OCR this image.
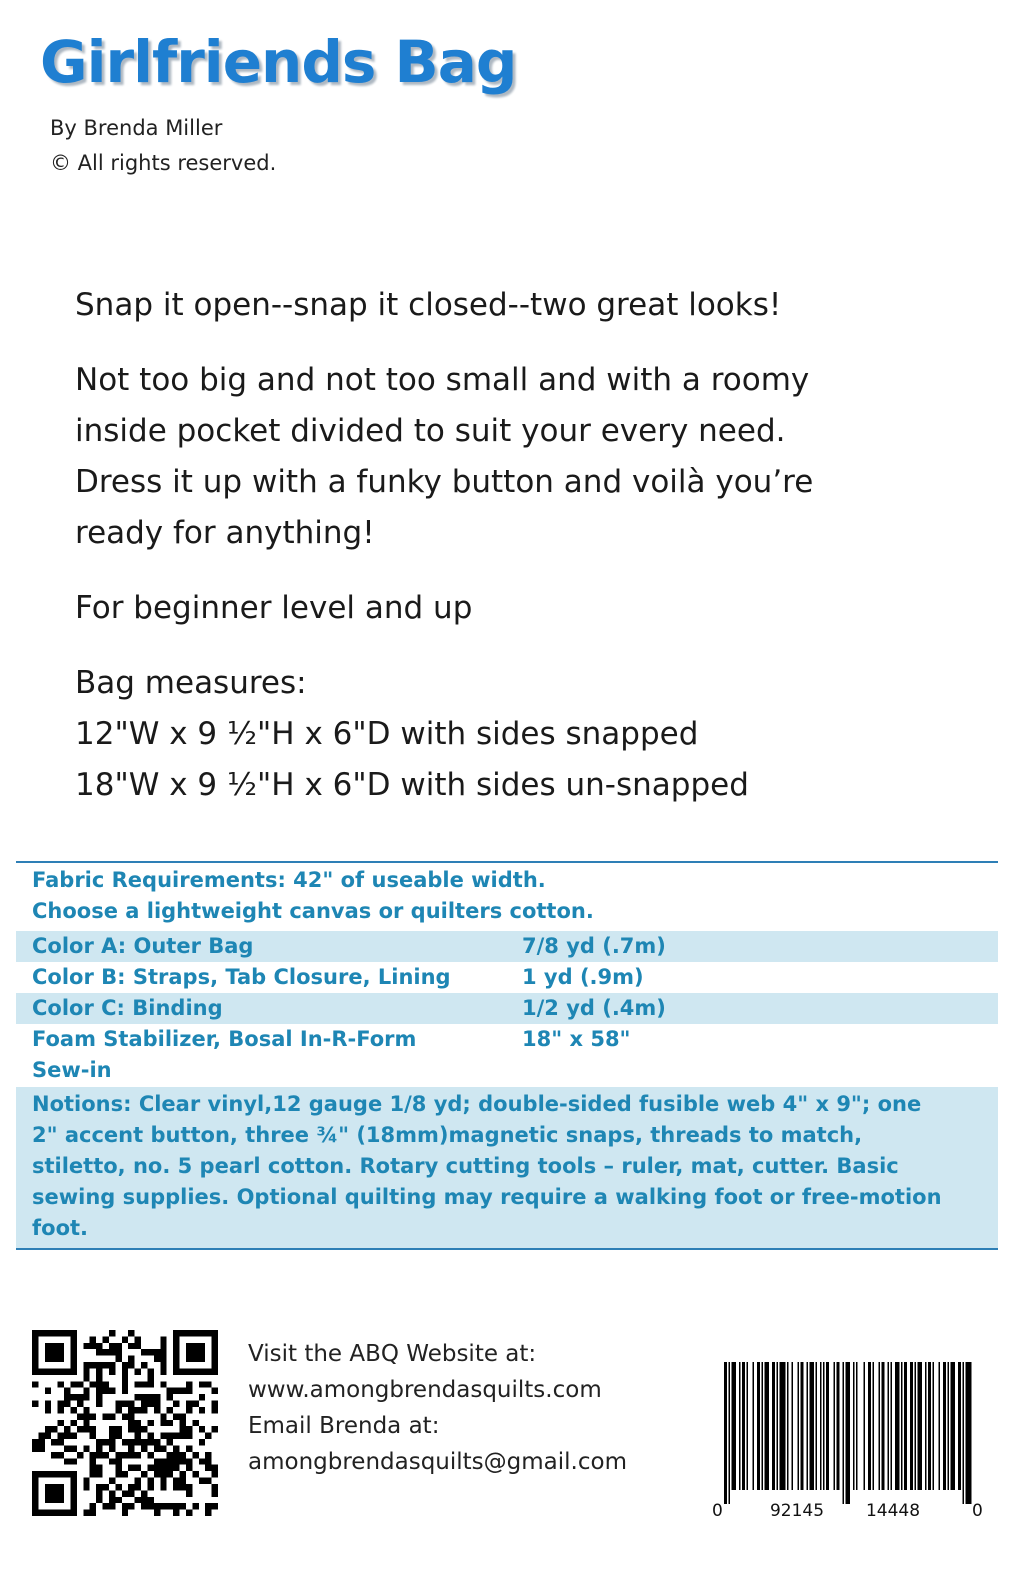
Girlfriends Bag
By Brenda Miller
© All rights reserved.

Snap it open--snap it closed--two great looks!

Not too big and not too small and with a roomy

inside pocket divided to suit your every need.

Dress it up with a funky button and voilà you’re

ready for anything!

For beginner level and up

Bag measures:

12"W x 9 ½"H x 6"D with sides snapped

18"W x 9 ½"H x 6"D with sides un-snapped

Fabric Requirements: 42" of useable width.
Choose a lightweight canvas or quilters cotton.
Color A: Outer Bag	7/8 yd (.7m)
Color B: Straps, Tab Closure, Lining	1 yd (.9m)
Color C: Binding	1/2 yd (.4m)
Foam Stabilizer, Bosal In-R-Form	18" x 58"
Sew-in
Notions: Clear vinyl,12 gauge 1/8 yd; double-sided fusible web 4" x 9"; one
2" accent button, three ¾" (18mm)magnetic snaps, threads to match,
stiletto, no. 5 pearl cotton. Rotary cutting tools – ruler, mat, cutter. Basic
sewing supplies. Optional quilting may require a walking foot or free-motion
foot.
Visit the ABQ Website at:
www.amongbrendasquilts.com
Email Brenda at:
amongbrendasquilts@gmail.com
0	92145 14448	0
